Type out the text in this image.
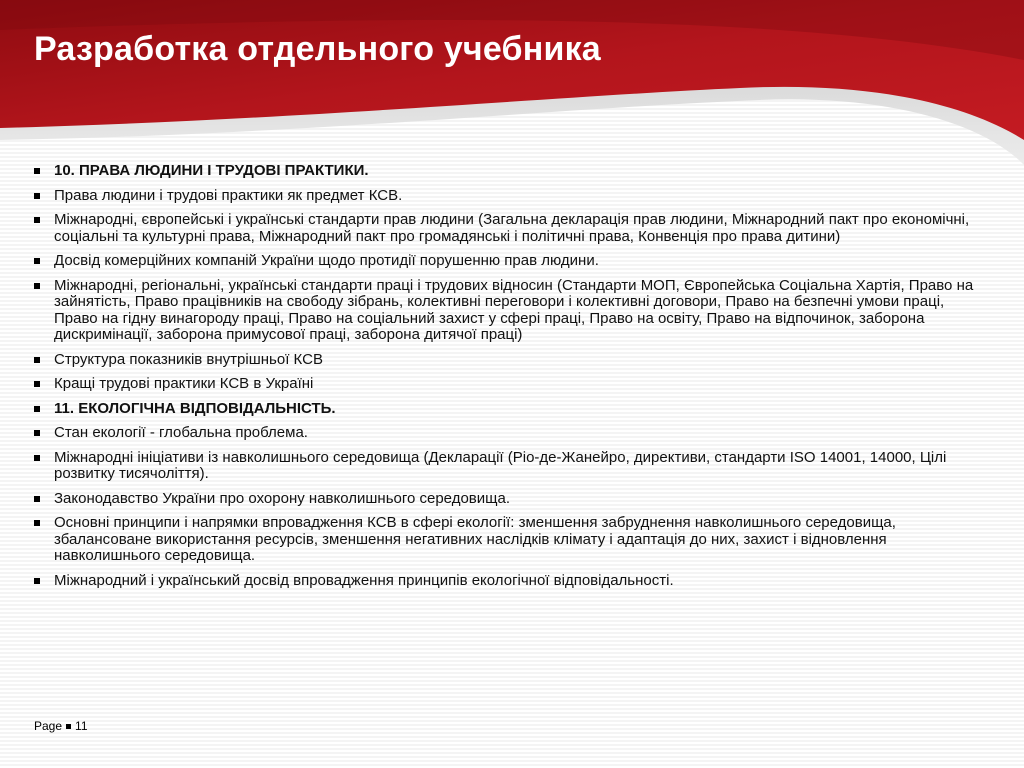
Разработка отдельного учебника
10. ПРАВА ЛЮДИНИ І ТРУДОВІ ПРАКТИКИ.
Права людини і трудові практики як предмет КСВ.
Міжнародні, європейські і українські стандарти прав людини (Загальна декларація прав людини, Міжнародний пакт про економічні, соціальні та культурні права, Міжнародний пакт про громадянські і політичні права, Конвенція про права дитини)
Досвід комерційних компаній України щодо протидії порушенню прав людини.
Міжнародні, регіональні, українські стандарти праці і трудових відносин (Стандарти МОП, Європейська Соціальна Хартія, Право на зайнятість, Право працівників на свободу зібрань, колективні переговори і колективні договори, Право на безпечні умови праці, Право на гідну винагороду праці, Право на соціальний захист у сфері праці, Право на освіту, Право на відпочинок, заборона дискримінації, заборона примусової праці, заборона дитячої праці)
Структура показників внутрішньої КСВ
Кращі трудові практики КСВ в Україні
11. ЕКОЛОГІЧНА ВІДПОВІДАЛЬНІСТЬ.
Стан екології - глобальна проблема.
Міжнародні ініціативи із навколишнього середовища (Декларації (Ріо-де-Жанейро, директиви, стандарти ISO 14001, 14000, Цілі розвитку тисячоліття).
Законодавство України про охорону навколишнього середовища.
Основні принципи і напрямки впровадження КСВ в сфері екології: зменшення забруднення навколишнього середовища, збалансоване використання ресурсів, зменшення негативних наслідків клімату і адаптація до них, захист і відновлення навколишнього середовища.
Міжнародний і український досвід впровадження принципів екологічної відповідальності.
Page 11
